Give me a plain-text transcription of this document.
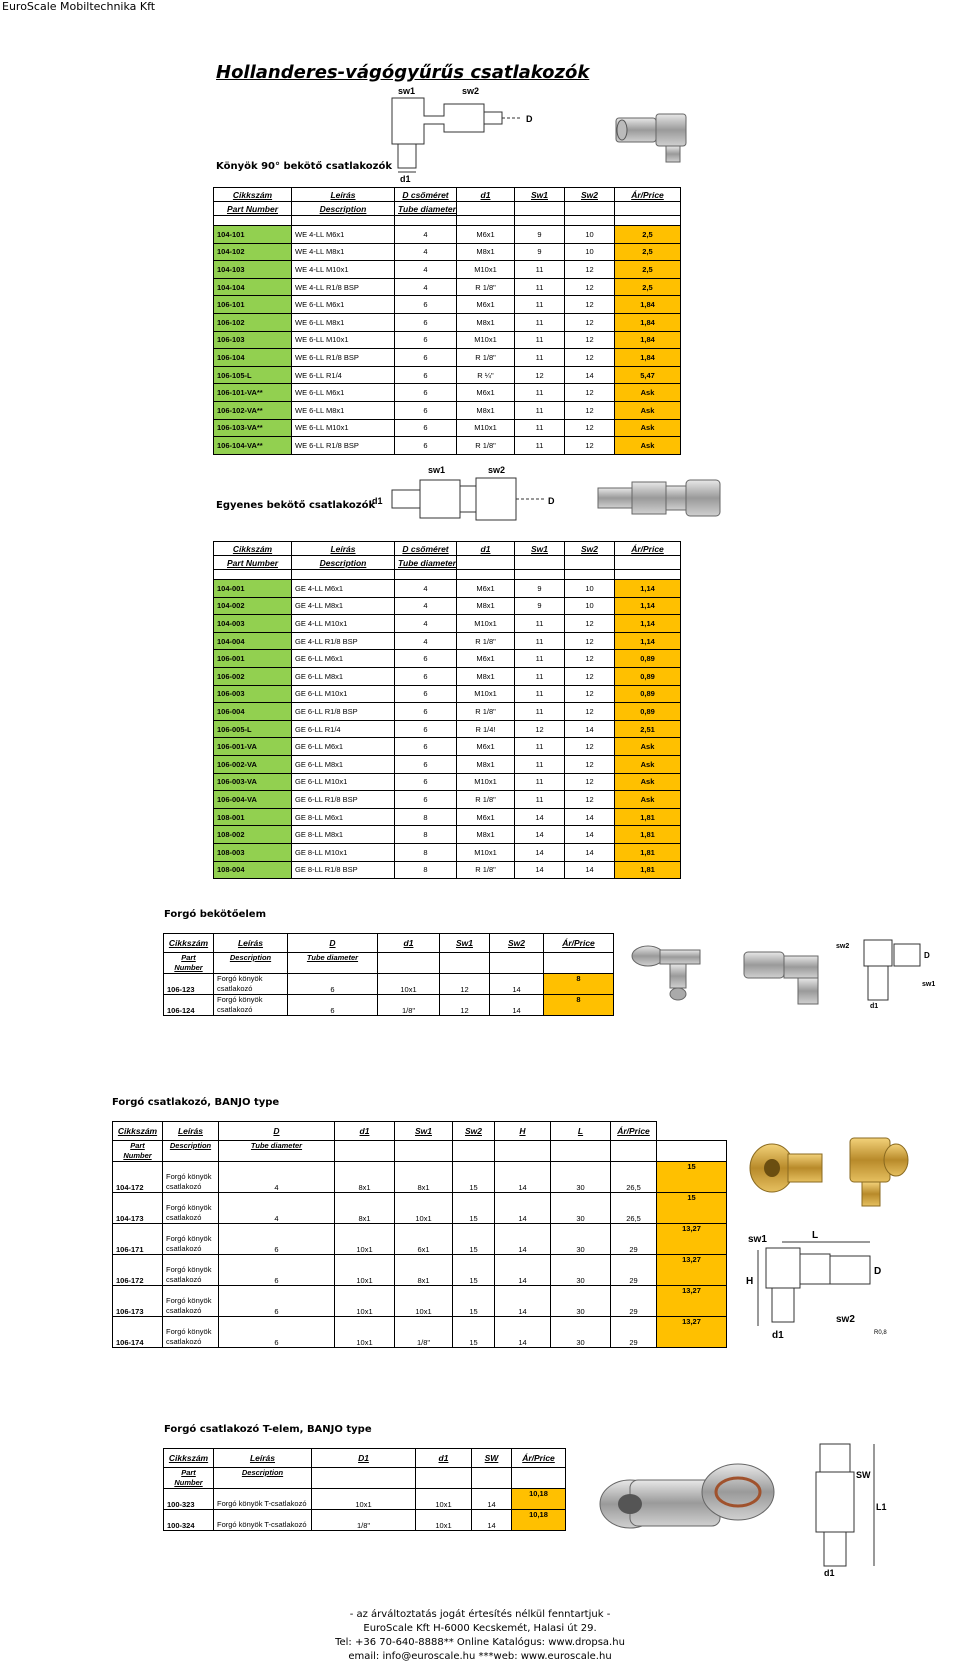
EuroScale Mobiltechnika Kft
Hollanderes-vágógyűrűs csatlakozók
sw1	sw2
D
d1
Könyök 90° bekötő csatlakozók
Cikkszám	Leírás	D csőméret	d1	Sw1	Sw2	Ár/Price
Part Number	Description	Tube diameter				

104-101	WE 4-LL M6x1	4	M6x1	9	10	2,5
104-102	WE 4-LL M8x1	4	M8x1	9	10	2,5
104-103	WE 4-LL M10x1	4	M10x1	11	12	2,5
104-104	WE 4-LL R1/8 BSP	4	R 1/8"	11	12	2,5
106-101	WE 6-LL M6x1	6	M6x1	11	12	1,84
106-102	WE 6-LL M8x1	6	M8x1	11	12	1,84
106-103	WE 6-LL M10x1	6	M10x1	11	12	1,84
106-104	WE 6-LL R1/8 BSP	6	R 1/8"	11	12	1,84
106-105-L	WE 6-LL R1/4	6	R ¼"	12	14	5,47
106-101-VA**	WE 6-LL M6x1	6	M6x1	11	12	Ask
106-102-VA**	WE 6-LL M8x1	6	M8x1	11	12	Ask
106-103-VA**	WE 6-LL M10x1	6	M10x1	11	12	Ask
106-104-VA**	WE 6-LL R1/8 BSP	6	R 1/8"	11	12	Ask
sw1	sw2
d1	D
Egyenes bekötő csatlakozók
Cikkszám	Leírás	D csőméret	d1	Sw1	Sw2	Ár/Price
Part Number	Description	Tube diameter				

104-001	GE 4-LL M6x1	4	M6x1	9	10	1,14
104-002	GE 4-LL M8x1	4	M8x1	9	10	1,14
104-003	GE 4-LL M10x1	4	M10x1	11	12	1,14
104-004	GE 4-LL R1/8 BSP	4	R 1/8"	11	12	1,14
106-001	GE 6-LL M6x1	6	M6x1	11	12	0,89
106-002	GE 6-LL M8x1	6	M8x1	11	12	0,89
106-003	GE 6-LL M10x1	6	M10x1	11	12	0,89
106-004	GE 6-LL R1/8 BSP	6	R 1/8"	11	12	0,89
106-005-L	GE 6-LL R1/4	6	R 1/4!	12	14	2,51
106-001-VA	GE 6-LL M6x1	6	M6x1	11	12	Ask
106-002-VA	GE 6-LL M8x1	6	M8x1	11	12	Ask
106-003-VA	GE 6-LL M10x1	6	M10x1	11	12	Ask
106-004-VA	GE 6-LL R1/8 BSP	6	R 1/8"	11	12	Ask
108-001	GE 8-LL M6x1	8	M6x1	14	14	1,81
108-002	GE 8-LL M8x1	8	M8x1	14	14	1,81
108-003	GE 8-LL M10x1	8	M10x1	14	14	1,81
108-004	GE 8-LL R1/8 BSP	8	R 1/8"	14	14	1,81
Forgó bekötőelem
Cikkszám	Leírás	D	d1	Sw1	Sw2	Ár/Price
Part Number	Description	Tube diameter				
106-123	Forgó könyök csatlakozó	6	10x1	12	14	8
106-124	Forgó könyök csatlakozó	6	1/8"	12	14	8
sw2
D
d1
sw1
Forgó csatlakozó, BANJO type
Cikkszám	Leírás	D	d1	Sw1	Sw2	H	L	Ár/Price	
Part Number	Description	Tube diameter							
104-172	Forgó könyök csatlakozó	4	8x1	8x1	15	14	30	26,5	15
104-173	Forgó könyök csatlakozó	4	8x1	10x1	15	14	30	26,5	15
106-171	Forgó könyök csatlakozó	6	10x1	6x1	15	14	30	29	13,27
106-172	Forgó könyök csatlakozó	6	10x1	8x1	15	14	30	29	13,27
106-173	Forgó könyök csatlakozó	6	10x1	10x1	15	14	30	29	13,27
106-174	Forgó könyök csatlakozó	6	10x1	1/8"	15	14	30	29	13,27
sw1	L
D
H
d1
sw2
R0,8
Forgó csatlakozó T-elem, BANJO type
Cikkszám	Leírás	D1	d1	SW	Ár/Price
Part Number	Description				
100-323	Forgó könyök T-csatlakozó	10x1	10x1	14	10,18
100-324	Forgó könyök T-csatlakozó	1/8"	10x1	14	10,18
SW
L1
d1
- az árváltoztatás jogát értesítés nélkül fenntartjuk -
EuroScale Kft H-6000 Kecskemét, Halasi út 29.
Tel: +36 70-640-8888** Online Katalógus: www.dropsa.hu
email: info@euroscale.hu ***web: www.euroscale.hu
